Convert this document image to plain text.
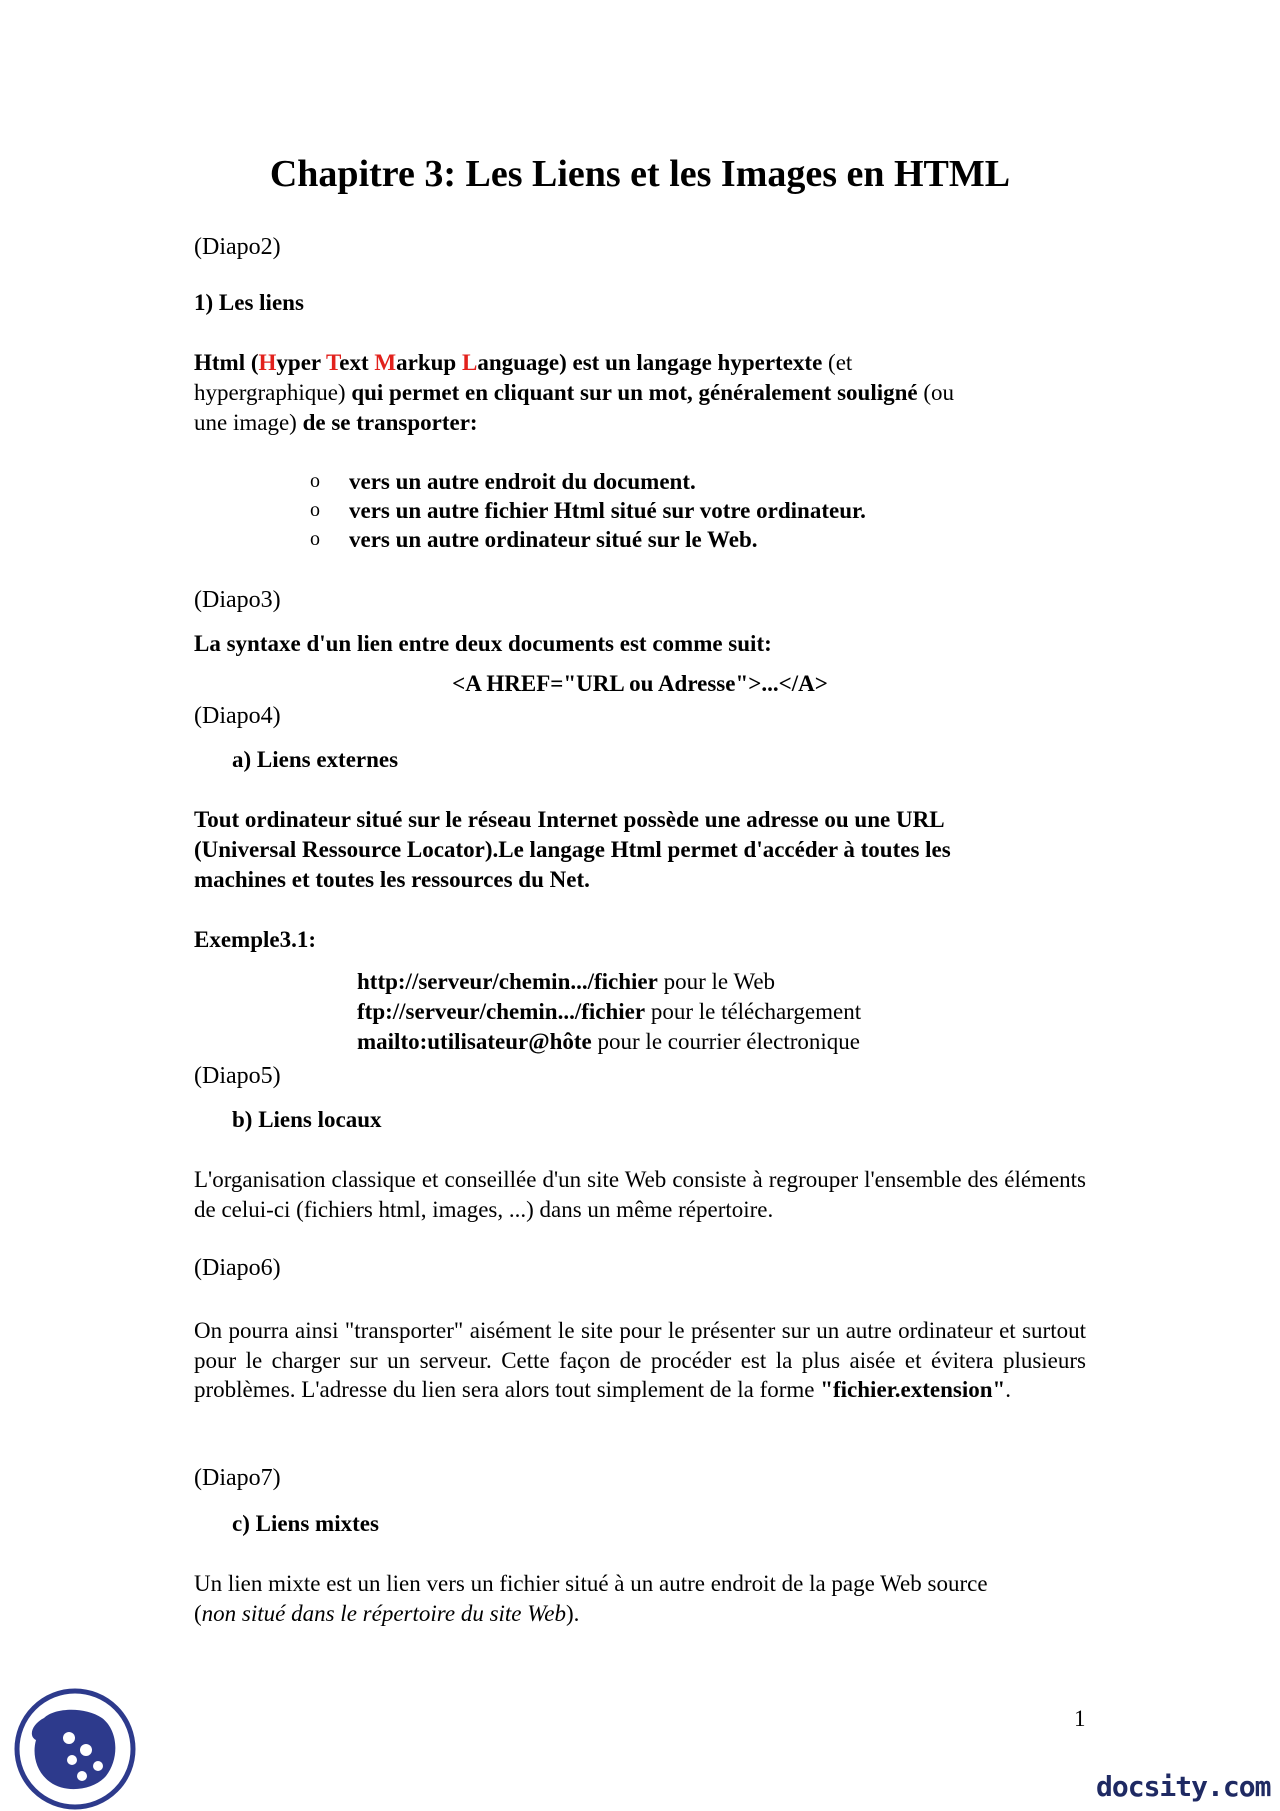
Chapitre 3: Les Liens et les Images en HTML
(Diapo2)
1) Les liens
Html (Hyper Text Markup Language) est un langage hypertexte (et
hypergraphique) qui permet en cliquant sur un mot, généralement souligné (ou
une image) de se transporter:
o vers un autre endroit du document.
o vers un autre fichier Html situé sur votre ordinateur.
o vers un autre ordinateur situé sur le Web.
(Diapo3)
La syntaxe d'un lien entre deux documents est comme suit:
<A HREF="URL ou Adresse">...</A>
(Diapo4)
a) Liens externes
Tout ordinateur situé sur le réseau Internet possède une adresse ou une URL
(Universal Ressource Locator).Le langage Html permet d'accéder à toutes les
machines et toutes les ressources du Net.
Exemple3.1:
http://serveur/chemin.../fichier pour le Web
ftp://serveur/chemin.../fichier pour le téléchargement
mailto:utilisateur@hôte pour le courrier électronique
(Diapo5)
b) Liens locaux
L'organisation classique et conseillée d'un site Web consiste à regrouper l'ensemble des éléments de celui-ci (fichiers html, images, ...) dans un même répertoire.
(Diapo6)
On pourra ainsi "transporter" aisément le site pour le présenter sur un autre ordinateur et surtout pour le charger sur un serveur. Cette façon de procéder est la plus aisée et évitera plusieurs problèmes. L'adresse du lien sera alors tout simplement de la forme "fichier.extension".
(Diapo7)
c) Liens mixtes
Un lien mixte est un lien vers un fichier situé à un autre endroit de la page Web source
(non situé dans le répertoire du site Web).
1
docsity.com
